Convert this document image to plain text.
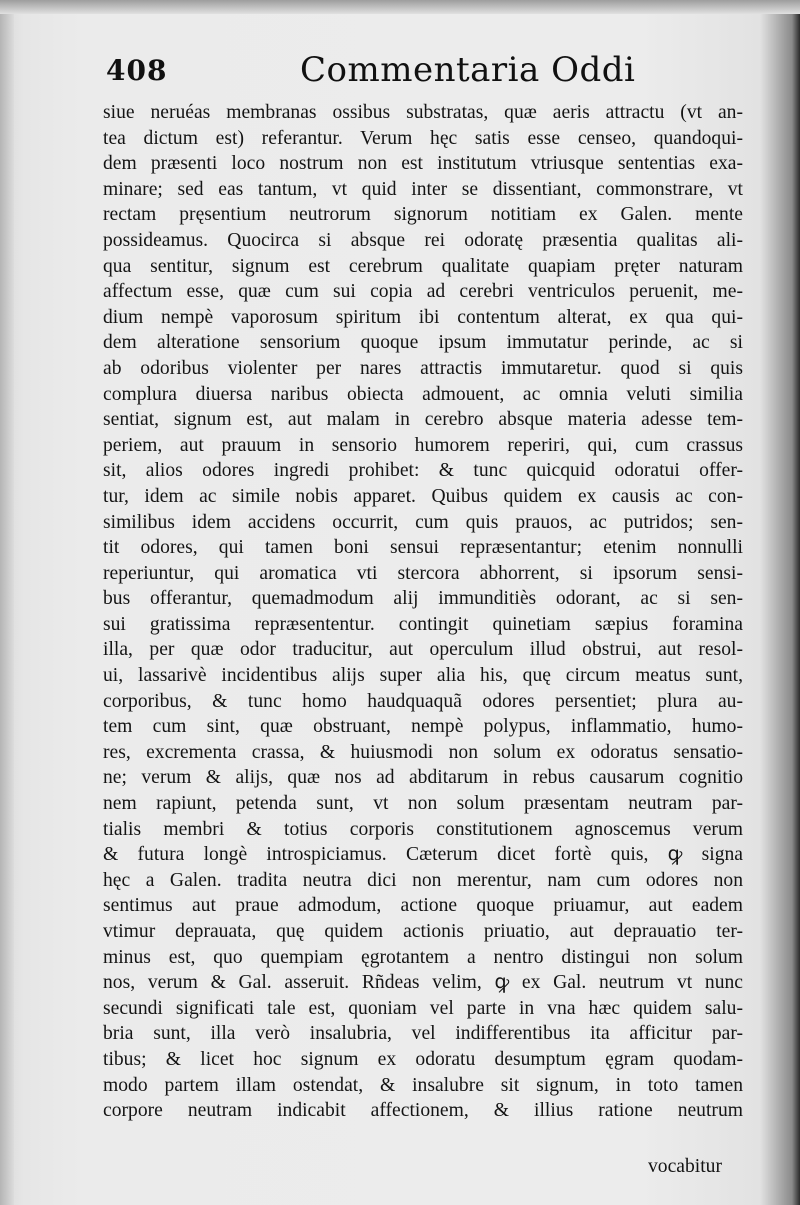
408	Commentaria Oddi
siue neruéas membranas ossibus substratas, quæ aeris attractu (vt an-
tea dictum est) referantur. Verum hęc satis esse censeo, quandoqui-
dem præsenti loco nostrum non est institutum vtriusque sententias exa-
minare; sed eas tantum, vt quid inter se dissentiant, commonstrare, vt
rectam pręsentium neutrorum signorum notitiam ex Galen. mente
possideamus. Quocirca si absque rei odoratę præsentia qualitas ali-
qua sentitur, signum est cerebrum qualitate quapiam pręter naturam
affectum esse, quæ cum sui copia ad cerebri ventriculos peruenit, me-
dium nempè vaporosum spiritum ibi contentum alterat, ex qua qui-
dem alteratione sensorium quoque ipsum immutatur perinde, ac si
ab odoribus violenter per nares attractis immutaretur. quod si quis
complura diuersa naribus obiecta admouent, ac omnia veluti similia
sentiat, signum est, aut malam in cerebro absque materia adesse tem-
periem, aut prauum in sensorio humorem reperiri, qui, cum crassus
sit, alios odores ingredi prohibet: & tunc quicquid odoratui offer-
tur, idem ac simile nobis apparet. Quibus quidem ex causis ac con-
similibus idem accidens occurrit, cum quis prauos, ac putridos; sen-
tit odores, qui tamen boni sensui repræsentantur; etenim nonnulli
reperiuntur, qui aromatica vti stercora abhorrent, si ipsorum sensi-
bus offerantur, quemadmodum alij immunditiès odorant, ac si sen-
sui gratissima repræsententur. contingit quinetiam sæpius foramina
illa, per quæ odor traducitur, aut operculum illud obstrui, aut resol-
ui, lassarivè incidentibus alijs super alia his, quę circum meatus sunt,
corporibus, & tunc homo haudquaquã odores persentiet; plura au-
tem cum sint, quæ obstruant, nempè polypus, inflammatio, humo-
res, excrementa crassa, & huiusmodi non solum ex odoratus sensatio-
ne; verum & alijs, quæ nos ad abditarum in rebus causarum cognitio
nem rapiunt, petenda sunt, vt non solum præsentam neutram par-
tialis membri & totius corporis constitutionem agnoscemus verum
& futura longè introspiciamus. Cæterum dicet fortè quis, ꝙ signa
hęc a Galen. tradita neutra dici non merentur, nam cum odores non
sentimus aut praue admodum, actione quoque priuamur, aut eadem
vtimur deprauata, quę quidem actionis priuatio, aut deprauatio ter-
minus est, quo quempiam ęgrotantem a nentro distingui non solum
nos, verum & Gal. asseruit. Rñdeas velim, ꝙ ex Gal. neutrum vt nunc
secundi significati tale est, quoniam vel parte in vna hæc quidem salu-
bria sunt, illa verò insalubria, vel indifferentibus ita afficitur par-
tibus; & licet hoc signum ex odoratu desumptum ęgram quodam-
modo partem illam ostendat, & insalubre sit signum, in toto tamen
corpore neutram indicabit affectionem, & illius ratione neutrum
vocabitur
